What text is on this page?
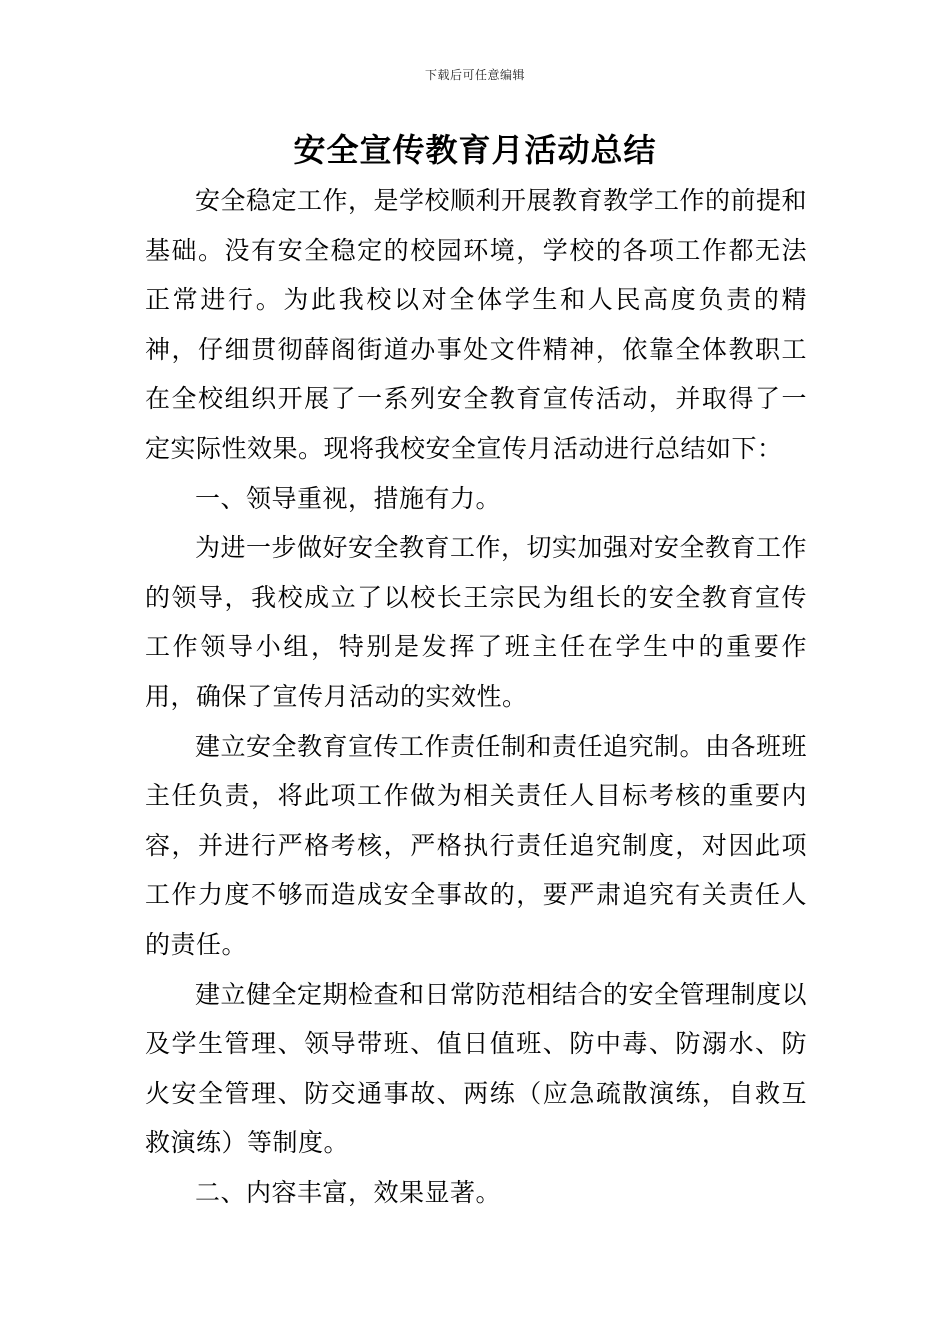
下载后可任意编辑
安全宣传教育月活动总结

安全稳定工作，是学校顺利开展教育教学工作的前提和基础。没有安全稳定的校园环境，学校的各项工作都无法正常进行。为此我校以对全体学生和人民高度负责的精神，仔细贯彻薛阁街道办事处文件精神，依靠全体教职工在全校组织开展了一系列安全教育宣传活动，并取得了一定实际性效果。现将我校安全宣传月活动进行总结如下：

一、领导重视，措施有力。

为进一步做好安全教育工作，切实加强对安全教育工作的领导，我校成立了以校长王宗民为组长的安全教育宣传工作领导小组，特别是发挥了班主任在学生中的重要作用，确保了宣传月活动的实效性。

建立安全教育宣传工作责任制和责任追究制。由各班班主任负责，将此项工作做为相关责任人目标考核的重要内容，并进行严格考核，严格执行责任追究制度，对因此项工作力度不够而造成安全事故的，要严肃追究有关责任人的责任。

建立健全定期检查和日常防范相结合的安全管理制度以及学生管理、领导带班、值日值班、防中毒、防溺水、防火安全管理、防交通事故、两练（应急疏散演练，自救互救演练）等制度。

二、内容丰富，效果显著。
